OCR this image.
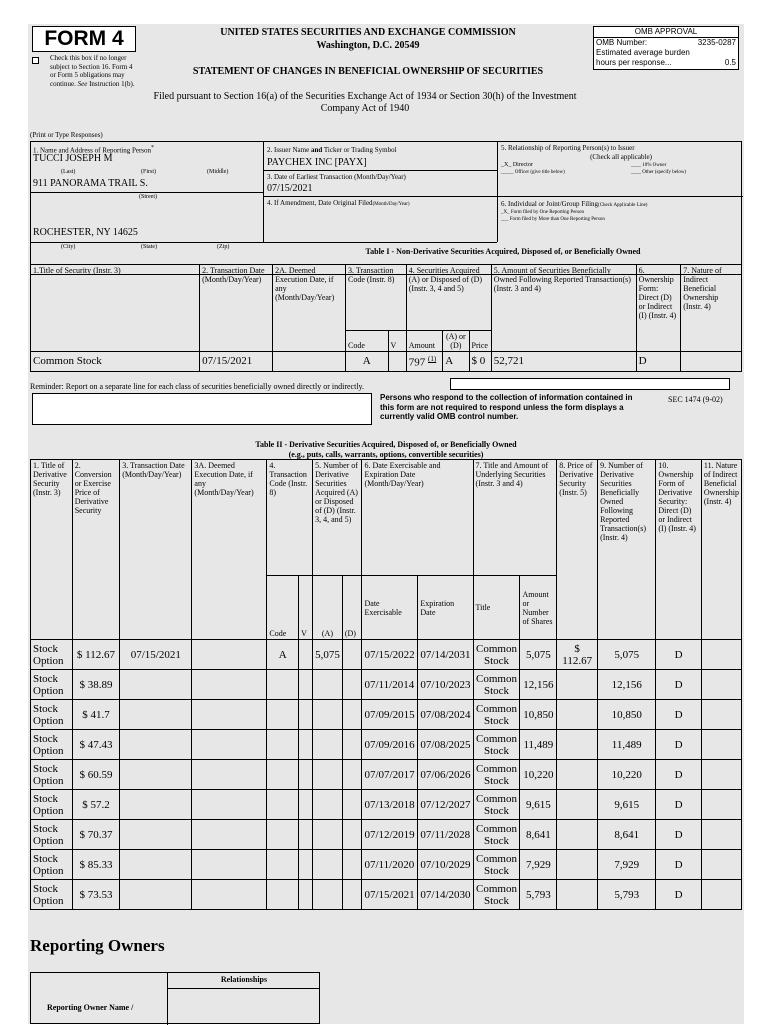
FORM 4
Check this box if no longer subject to Section 16. Form 4 or Form 5 obligations may continue. See Instruction 1(b).
UNITED STATES SECURITIES AND EXCHANGE COMMISSION
Washington, D.C. 20549
STATEMENT OF CHANGES IN BENEFICIAL OWNERSHIP OF SECURITIES
Filed pursuant to Section 16(a) of the Securities Exchange Act of 1934 or Section 30(h) of the Investment Company Act of 1940
OMB APPROVAL
OMB Number:	3235-0287
Estimated average burden
hours per response...	0.5
(Print or Type Responses)
1. Name and Address of Reporting Person*
TUCCI JOSEPH M
(Last)	(First)	(Middle)
911 PANORAMA TRAIL S.
(Street)
ROCHESTER, NY 14625
(City)	(State)	(Zip)
2. Issuer Name and Ticker or Trading Symbol
PAYCHEX INC [PAYX]
3. Date of Earliest Transaction (Month/Day/Year)
07/15/2021
4. If Amendment, Date Original Filed(Month/Day/Year)
5. Relationship of Reporting Person(s) to Issuer
(Check all applicable)
_X_ Director	____ 10% Owner
_____ Officer (give title below)	____ Other (specify below)
6. Individual or Joint/Group Filing(Check Applicable Line)
_X_ Form filed by One Reporting Person
___ Form filed by More than One Reporting Person
Table I - Non-Derivative Securities Acquired, Disposed of, or Beneficially Owned
1.Title of Security (Instr. 3)	2. Transaction Date (Month/Day/Year)	2A. Deemed Execution Date, if any (Month/Day/Year)	3. Transaction Code (Instr. 8)		4. Securities Acquired (A) or Disposed of (D) (Instr. 3, 4 and 5)			5. Amount of Securities Beneficially Owned Following Reported Transaction(s) (Instr. 3 and 4)	6. Ownership Form: Direct (D) or Indirect (I) (Instr. 4)	7. Nature of Indirect Beneficial Ownership (Instr. 4)
			Code	V	Amount	(A) or (D)	Price			
Common Stock	07/15/2021		A		797 $^{(1)}$	A	$ 0	52,721	D	
Reminder: Report on a separate line for each class of securities beneficially owned directly or indirectly.
Persons who respond to the collection of information contained in this form are not required to respond unless the form displays a currently valid OMB control number.
SEC 1474 (9-02)
Table II - Derivative Securities Acquired, Disposed of, or Beneficially Owned
(e.g., puts, calls, warrants, options, convertible securities)
1. Title of Derivative Security (Instr. 3)	2. Conversion or Exercise Price of Derivative Security	3. Transaction Date (Month/Day/Year)	3A. Deemed Execution Date, if any (Month/Day/Year)	4. Transaction Code (Instr. 8)		5. Number of Derivative Securities Acquired (A) or Disposed of (D) (Instr. 3, 4, and 5)		6. Date Exercisable and Expiration Date (Month/Day/Year)		7. Title and Amount of Underlying Securities (Instr. 3 and 4)		8. Price of Derivative Security (Instr. 5)	9. Number of Derivative Securities Beneficially Owned Following Reported Transaction(s) (Instr. 4)	10. Ownership Form of Derivative Security: Direct (D) or Indirect (I) (Instr. 4)	11. Nature of Indirect Beneficial Ownership (Instr. 4)
				Code	V	(A)	(D)	Date Exercisable	Expiration Date	Title	Amount or Number of Shares				
Stock Option	$ 112.67	07/15/2021		A		5,075		07/15/2022	07/14/2031	Common Stock	5,075	$ 112.67	5,075	D	
Stock Option	$ 38.89							07/11/2014	07/10/2023	Common Stock	12,156		12,156	D	
Stock Option	$ 41.7							07/09/2015	07/08/2024	Common Stock	10,850		10,850	D	
Stock Option	$ 47.43							07/09/2016	07/08/2025	Common Stock	11,489		11,489	D	
Stock Option	$ 60.59							07/07/2017	07/06/2026	Common Stock	10,220		10,220	D	
Stock Option	$ 57.2							07/13/2018	07/12/2027	Common Stock	9,615		9,615	D	
Stock Option	$ 70.37							07/12/2019	07/11/2028	Common Stock	8,641		8,641	D	
Stock Option	$ 85.33							07/11/2020	07/10/2029	Common Stock	7,929		7,929	D	
Stock Option	$ 73.53							07/15/2021	07/14/2030	Common Stock	5,793		5,793	D	
Reporting Owners
Relationships
Reporting Owner Name /
